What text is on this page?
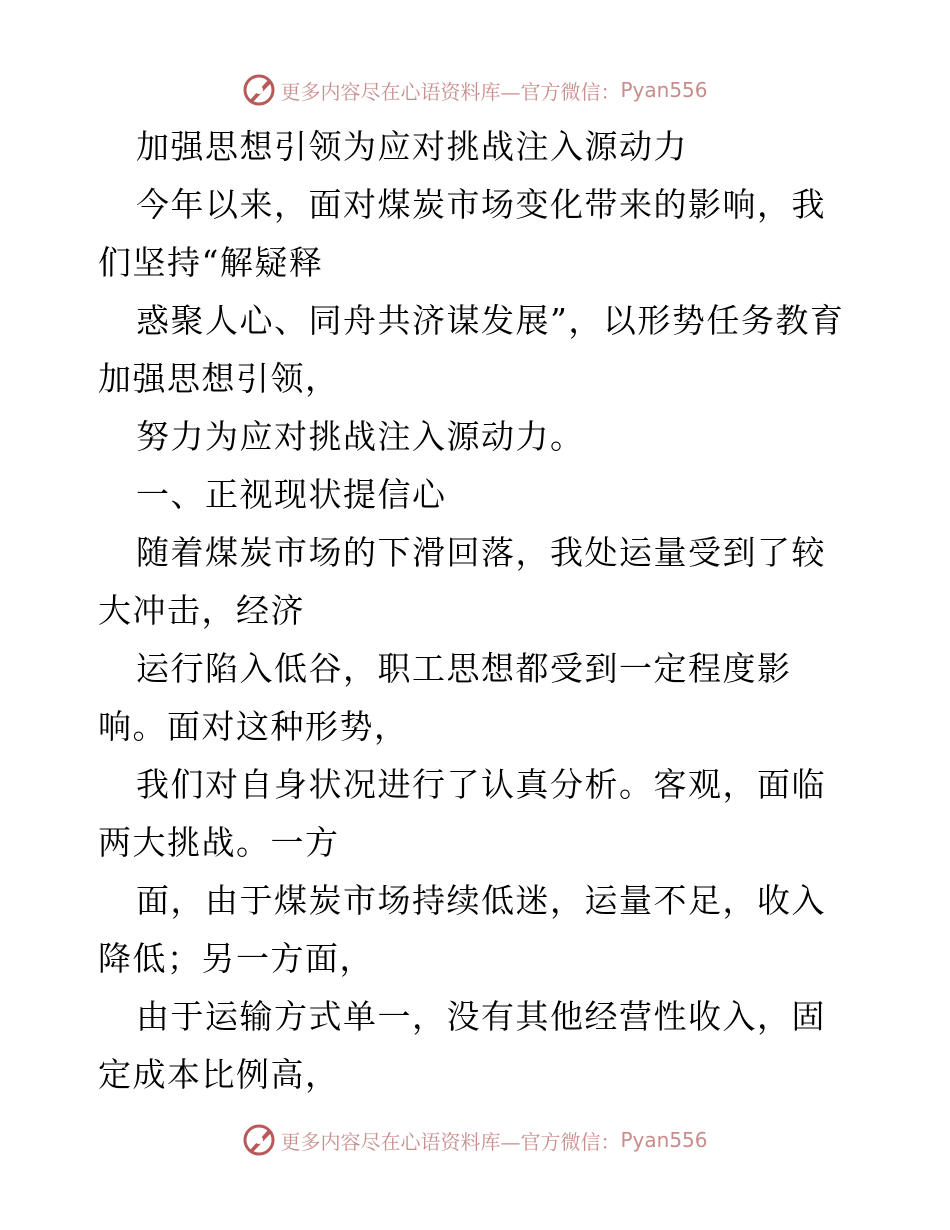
更多内容尽在心语资料库—官方微信： Pyan556

加强思想引领为应对挑战注入源动力

今年以来，面对煤炭市场变化带来的影响，我们坚持“解疑释

惑聚人心、同舟共济谋发展”，以形势任务教育加强思想引领，

努力为应对挑战注入源动力。

一、正视现状提信心

随着煤炭市场的下滑回落，我处运量受到了较大冲击，经济

运行陷入低谷，职工思想都受到一定程度影响。面对这种形势，

我们对自身状况进行了认真分析。客观，面临两大挑战。一方

面，由于煤炭市场持续低迷，运量不足，收入降低；另一方面，

由于运输方式单一，没有其他经营性收入，固定成本比例高，

更多内容尽在心语资料库—官方微信： Pyan556
